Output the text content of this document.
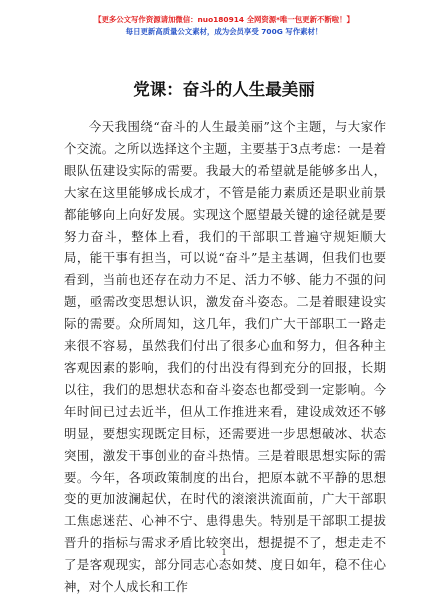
【更多公文写作资源请加微信：nuo180914 全网资源*唯一包更新不断啦！】
每日更新高质量公文素材，成为会员享受 700G 写作素材！
党课：奋斗的人生最美丽

今天我围绕“奋斗的人生最美丽”这个主题，与大家作个交流。之所以选择这个主题，主要基于3点考虑：一是着眼队伍建设实际的需要。我最大的希望就是能够多出人，大家在这里能够成长成才，不管是能力素质还是职业前景都能够向上向好发展。实现这个愿望最关键的途径就是要努力奋斗，整体上看，我们的干部职工普遍守规矩顺大局，能干事有担当，可以说“奋斗”是主基调，但我们也要看到，当前也还存在动力不足、活力不够、能力不强的问题，亟需改变思想认识，激发奋斗姿态。二是着眼建设实际的需要。众所周知，这几年，我们广大干部职工一路走来很不容易，虽然我们付出了很多心血和努力，但各种主客观因素的影响，我们的付出没有得到充分的回报，长期以往，我们的思想状态和奋斗姿态也都受到一定影响。今年时间已过去近半，但从工作推进来看，建设成效还不够明显，要想实现既定目标，还需要进一步思想破冰、状态突围，激发干事创业的奋斗热情。三是着眼思想实际的需要。今年，各项政策制度的出台，把原本就不平静的思想变的更加波澜起伏，在时代的滚滚洪流面前，广大干部职工焦虑迷茫、心神不宁、患得患失。特别是干部职工提拔晋升的指标与需求矛盾比较突出，想提提不了，想走走不了是客观现实，部分同志心态如焚、度日如年，稳不住心神，对个人成长和工作

1
